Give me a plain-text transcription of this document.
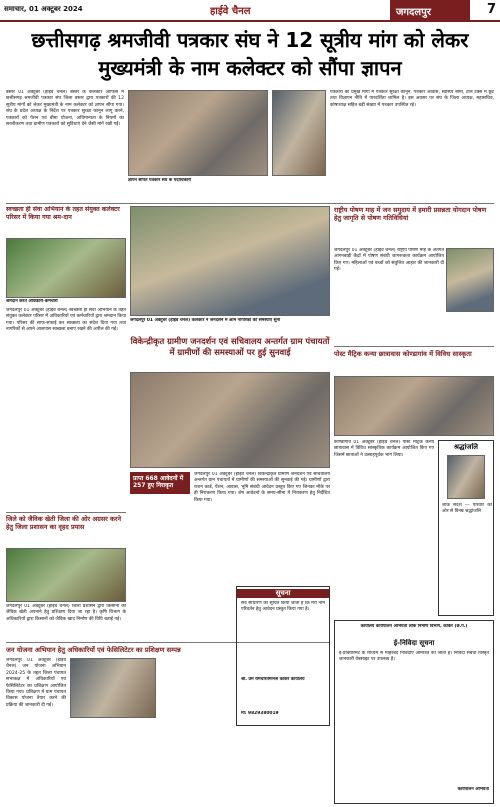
समाचार, 01 अक्टूबर 2024	हाईवे चैनल	जगदलपुर	7
छत्तीसगढ़ श्रमजीवी पत्रकार संघ ने 12 सूत्रीय मांग को लेकर मुख्यमंत्री के नाम कलेक्टर को सौंपा ज्ञापन
बस्तर 01 अक्टूबर (हाईवे चैनल) बस्तर के कलेक्टर ऑफिस में छत्तीसगढ़ श्रमजीवी पत्रकार संघ जिला बस्तर द्वारा पत्रकारों की 12 सूत्रीय मांगों को लेकर मुख्यमंत्री के नाम कलेक्टर को ज्ञापन सौंपा गया। संघ के प्रदेश अध्यक्ष के निर्देश पर पत्रकार सुरक्षा कानून लागू करने, पत्रकारों को पेंशन एवं बीमा योजना, अधिमान्यता के नियमों का सरलीकरण तथा ग्रामीण पत्रकारों को सुविधाएं देने जैसी मांगें रखी गईं।
ज्ञापन सौंपते पत्रकार संघ के पदाधिकारी
पत्रकारों की प्रमुख मांगों में पत्रकार सुरक्षा कानून, पत्रकार आवास, स्वास्थ्य बीमा, टोल टैक्स में छूट तथा विज्ञापन नीति में पारदर्शिता शामिल है। इस अवसर पर संघ के जिला अध्यक्ष, महासचिव, कोषाध्यक्ष सहित बड़ी संख्या में पत्रकार उपस्थित रहे।
स्वच्छता ही सेवा अभियान के तहत संयुक्त कलेक्टर परिसर में किया गया श्रम-दान
श्रमदान करते अधिकारी-कर्मचारी
जगदलपुर 01 अक्टूबर (हाईवे चैनल) स्वच्छता ही सेवा अभियान के तहत संयुक्त कलेक्टर परिसर में अधिकारियों एवं कर्मचारियों द्वारा श्रमदान किया गया। परिसर की साफ-सफाई कर स्वच्छता का संदेश दिया गया तथा नागरिकों से अपने आसपास स्वच्छता बनाए रखने की अपील की गई।
जगदलपुर 01 अक्टूबर (हाईवे चैनल) कलेक्टर ने जनदर्शन में आम नागरिकों की समस्याएं सुनीं
विकेन्द्रीकृत ग्रामीण जनदर्शन एवं सचिवालय अन्तर्गत ग्राम पंचायतों में ग्रामीणों की समस्याओं पर हुई सुनवाई
प्राप्त 668 आवेदनों में 257 हुए निराकृत
जगदलपुर 01 अक्टूबर (हाईवे चैनल) विकेन्द्रीकृत ग्रामीण जनदर्शन एवं सचिवालय अन्तर्गत ग्राम पंचायतों में ग्रामीणों की समस्याओं की सुनवाई की गई। ग्रामीणों द्वारा राशन कार्ड, पेंशन, आवास, भूमि संबंधी आवेदन प्रस्तुत किए गए जिनका मौके पर ही निराकरण किया गया। शेष आवेदनों के समय-सीमा में निराकरण हेतु निर्देशित किया गया।
जिले को जैविक खेती जिला की ओर अग्रसर करने हेतु जिला प्रशासन का वृहद प्रयास
जगदलपुर 01 अक्टूबर (हाईवे चैनल) जिला प्रशासन द्वारा किसानों को जैविक खेती अपनाने हेतु प्रशिक्षण दिया जा रहा है। कृषि विभाग के अधिकारियों द्वारा किसानों को जैविक खाद निर्माण की विधि बताई गई।
जन योजना अभियान हेतु अधिकारियों एवं फेसिलिटेटर का प्रशिक्षण सम्पन्न
जगदलपुर 01 अक्टूबर (हाईवे चैनल) जन योजना अभियान 2024-25 के तहत जिला पंचायत सभाकक्ष में अधिकारियों एवं फेसिलिटेटर का प्रशिक्षण आयोजित किया गया। प्रशिक्षण में ग्राम पंचायत विकास योजना तैयार करने की प्रक्रिया की जानकारी दी गई।
सूचना
सर्व साधारण को सूचित किया जाता है कि मेरा नाम परिवर्तन हेतु आवेदन प्रस्तुत किया गया है।
श्री. प्रेम रामचरितमानस कांकेर कार्यालय
मो: 9829380019
कार्यालय कार्यपालन अभियंता लोक निर्माण विभाग, कांकेर (छ.ग.)
ई-निविदा सूचना
ई-प्रोक्योरमेंट के माध्यम से मोहरबंद निविदाएं आमंत्रित की जाती हैं। निविदा संबंधी विस्तृत जानकारी वेबसाइट पर उपलब्ध है।
कार्यपालन अभियंता
राष्ट्रीय पोषण माह में जन समुदाय में हमारी प्रसन्नता योगदान पोषण हेतु जागृति से पोषण गतिविधियां
जगदलपुर 01 अक्टूबर (हाईवे चैनल) राष्ट्रीय पोषण माह के अंतर्गत आंगनबाड़ी केंद्रों में पोषण संबंधी जागरूकता कार्यक्रम आयोजित किए गए। महिलाओं एवं बच्चों को संतुलित आहार की जानकारी दी गई।
पोस्ट मैट्रिक कन्या छात्रावास कोण्डागांव में विविध सास्कृता
कोण्डागांव 01 अक्टूबर (हाईवे चैनल) पोस्ट मैट्रिक कन्या छात्रावास में विविध सांस्कृतिक कार्यक्रम आयोजित किए गए जिसमें छात्राओं ने उत्साहपूर्वक भाग लिया।
श्रद्धांजलि
शोक संदेश — परिवार की ओर से विनम्र श्रद्धांजलि
